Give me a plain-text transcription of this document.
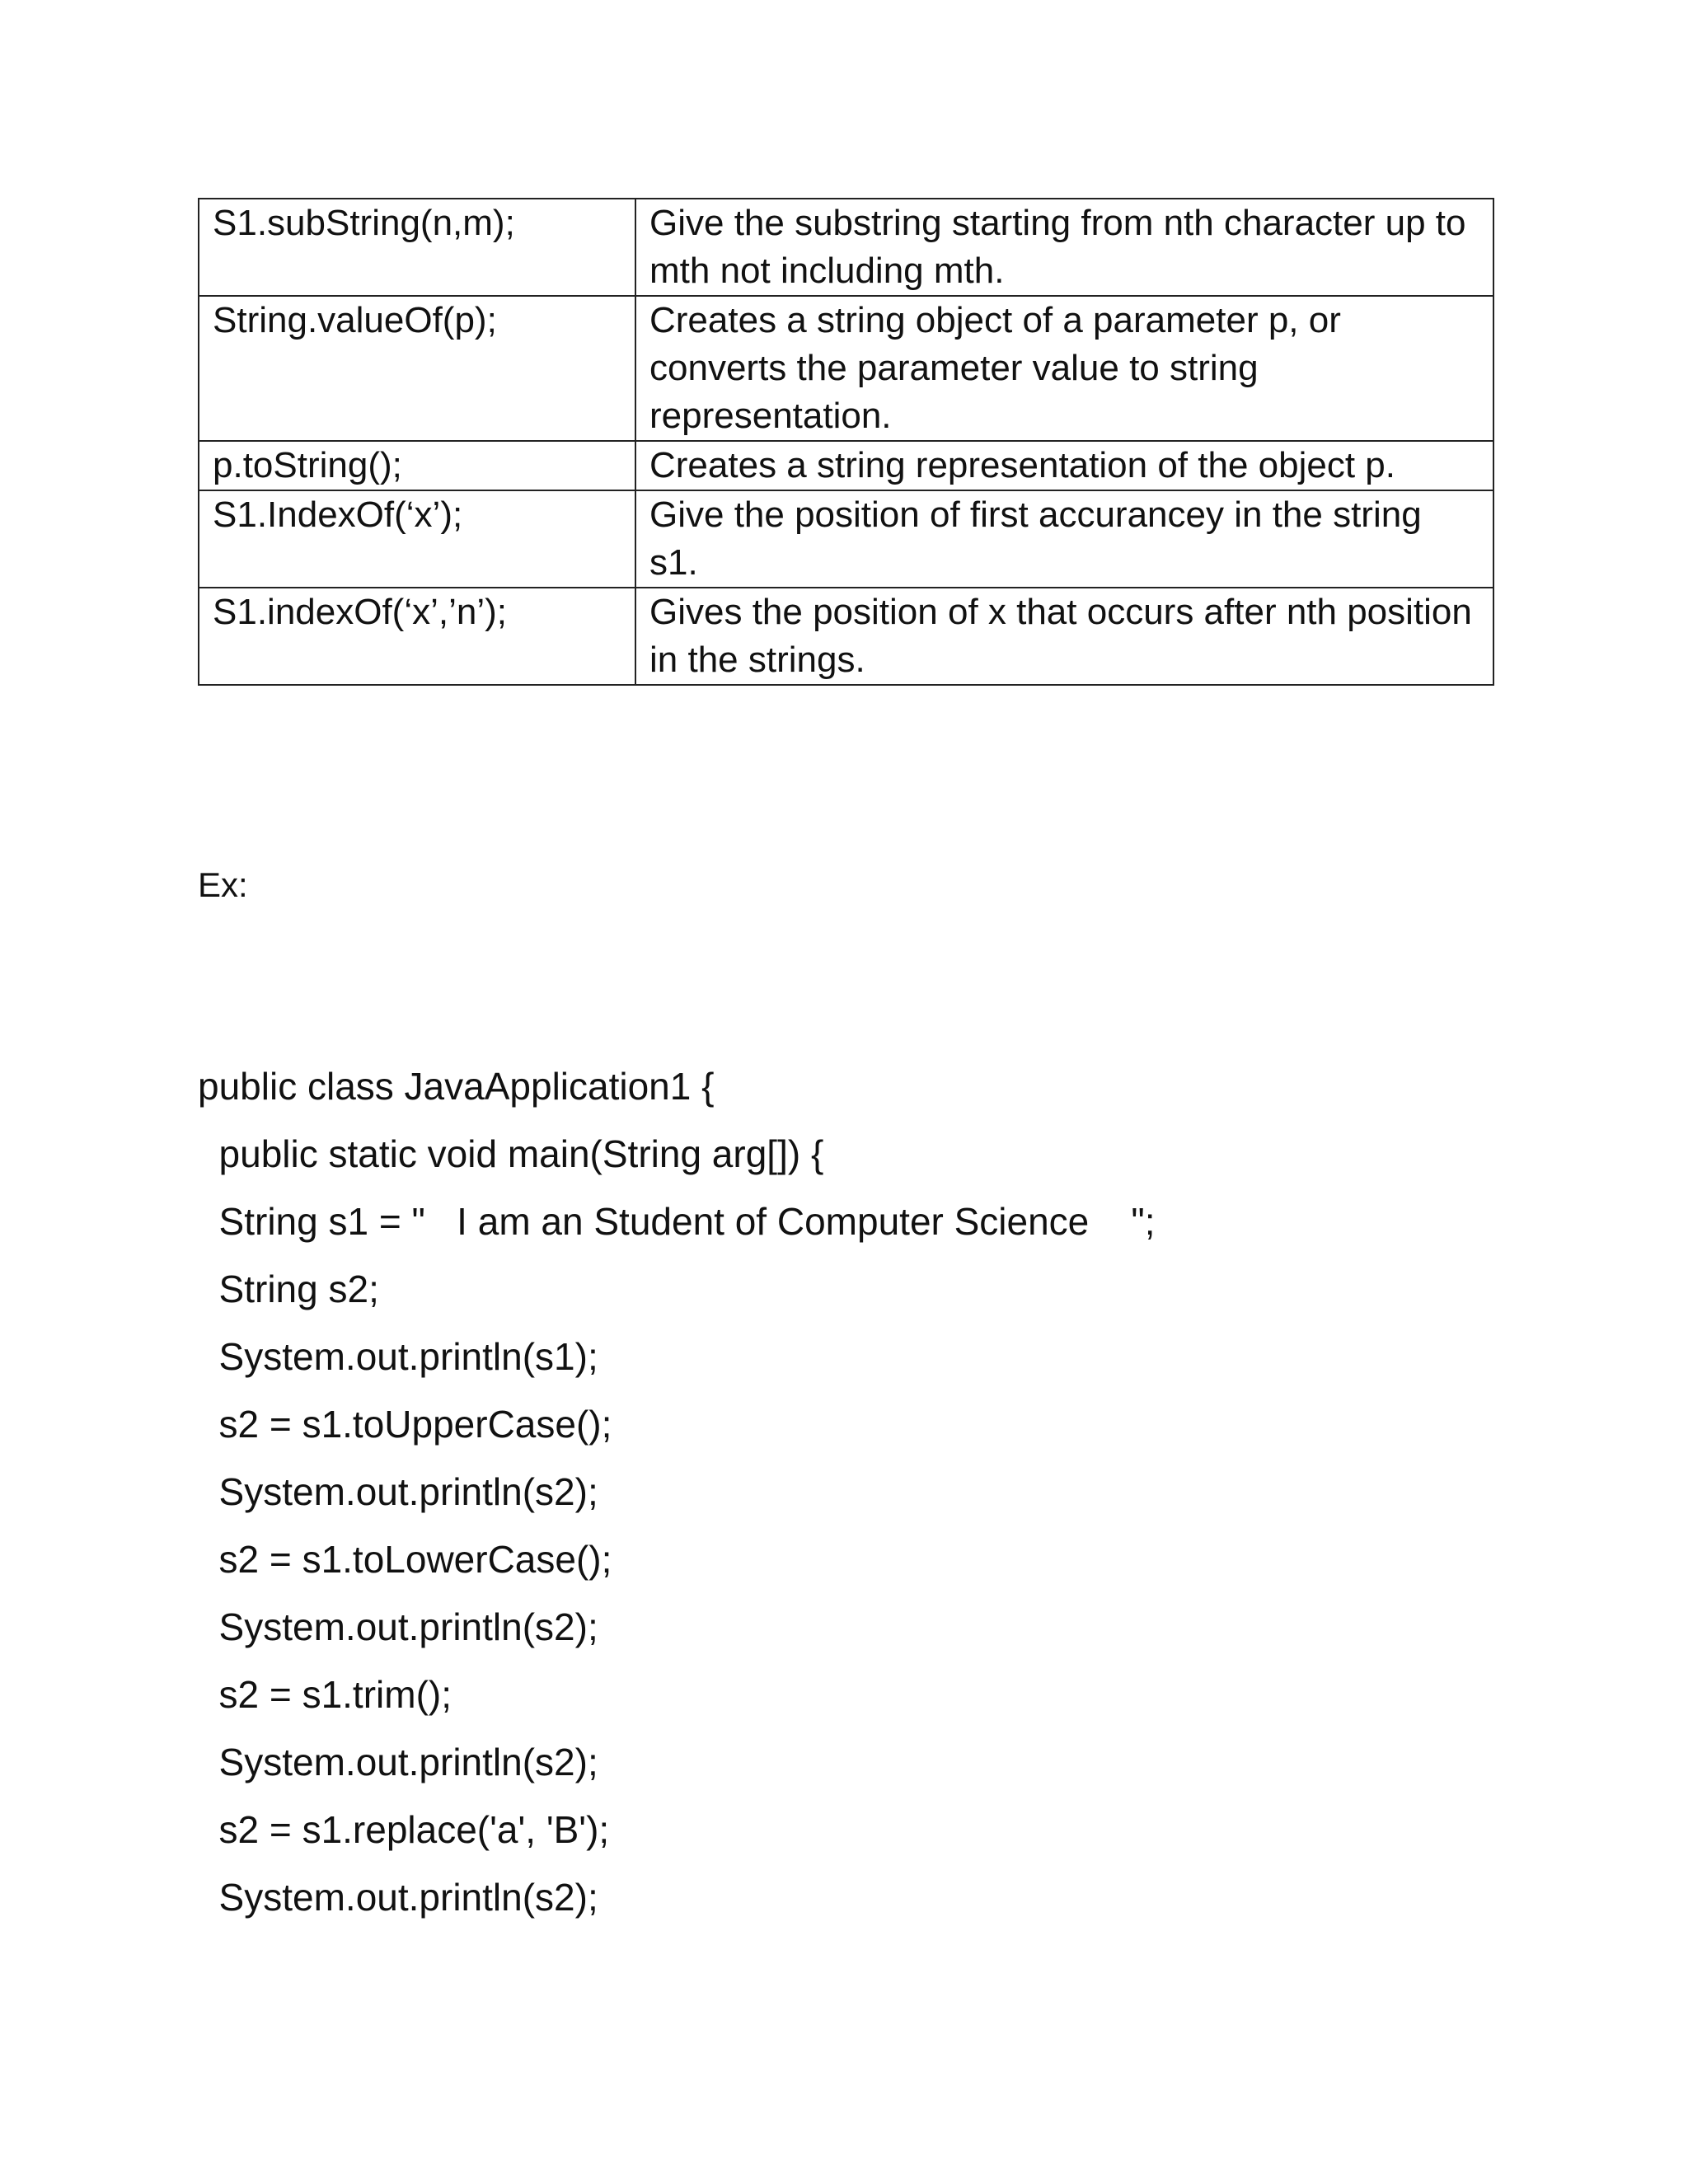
S1.subString(n,m);	Give the substring starting from nth character up to mth not including mth.
String.valueOf(p);	Creates a string object of a parameter p, or converts the parameter value to string representation.
p.toString();	Creates a string representation of the object p.
S1.IndexOf(‘x’);	Give the position of first accurancey in the string s1.
S1.indexOf(‘x’,’n’);	Gives the position of x that occurs after nth position in the strings.
Ex:
public class JavaApplication1 {
public static void main(String arg[]) {
String s1 = "   I am an Student of Computer Science    ";
String s2;
System.out.println(s1);
s2 = s1.toUpperCase();
System.out.println(s2);
s2 = s1.toLowerCase();
System.out.println(s2);
s2 = s1.trim();
System.out.println(s2);
s2 = s1.replace('a', 'B');
System.out.println(s2);
